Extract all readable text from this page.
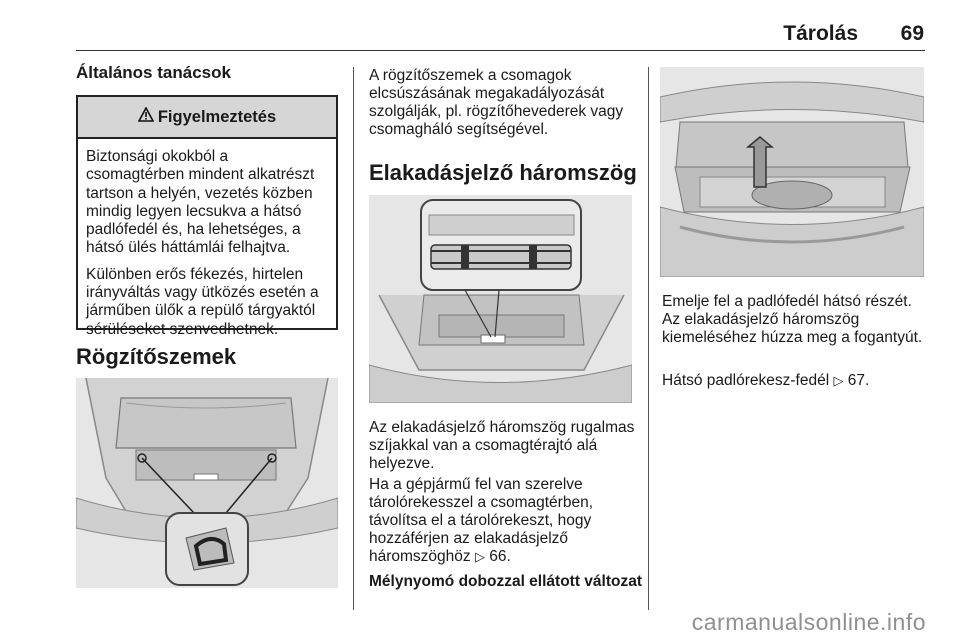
Tárolás 69
Általános tanácsok
Figyelmeztetés

Biztonsági okokból a csomagtérben mindent alkatrészt tartson a helyén, vezetés közben mindig legyen lecsukva a hátsó padlófedél és, ha lehetséges, a hátsó ülés háttámlái felhajtva.

Különben erős fékezés, hirtelen irányváltás vagy ütközés esetén a járműben ülők a repülő tárgyaktól sérüléseket szenvedhetnek.

Rögzítőszemek
A rögzítőszemek a csomagok elcsúszásának megakadályozását szolgálják, pl. rögzítőhevederek vagy csomagháló segítségével.
Elakadásjelző háromszög
Az elakadásjelző háromszög rugalmas szíjakkal van a csomagtérajtó alá helyezve.
Ha a gépjármű fel van szerelve tárolórekesszel a csomagtérben, távolítsa el a tárolórekeszt, hogy hozzáférjen az elakadásjelző háromszöghöz ▷ 66.
Mélynyomó dobozzal ellátott változat
Emelje fel a padlófedél hátsó részét. Az elakadásjelző háromszög kiemeléséhez húzza meg a fogantyút.
Hátsó padlórekesz-fedél ▷ 67.
carmanualsonline.info
